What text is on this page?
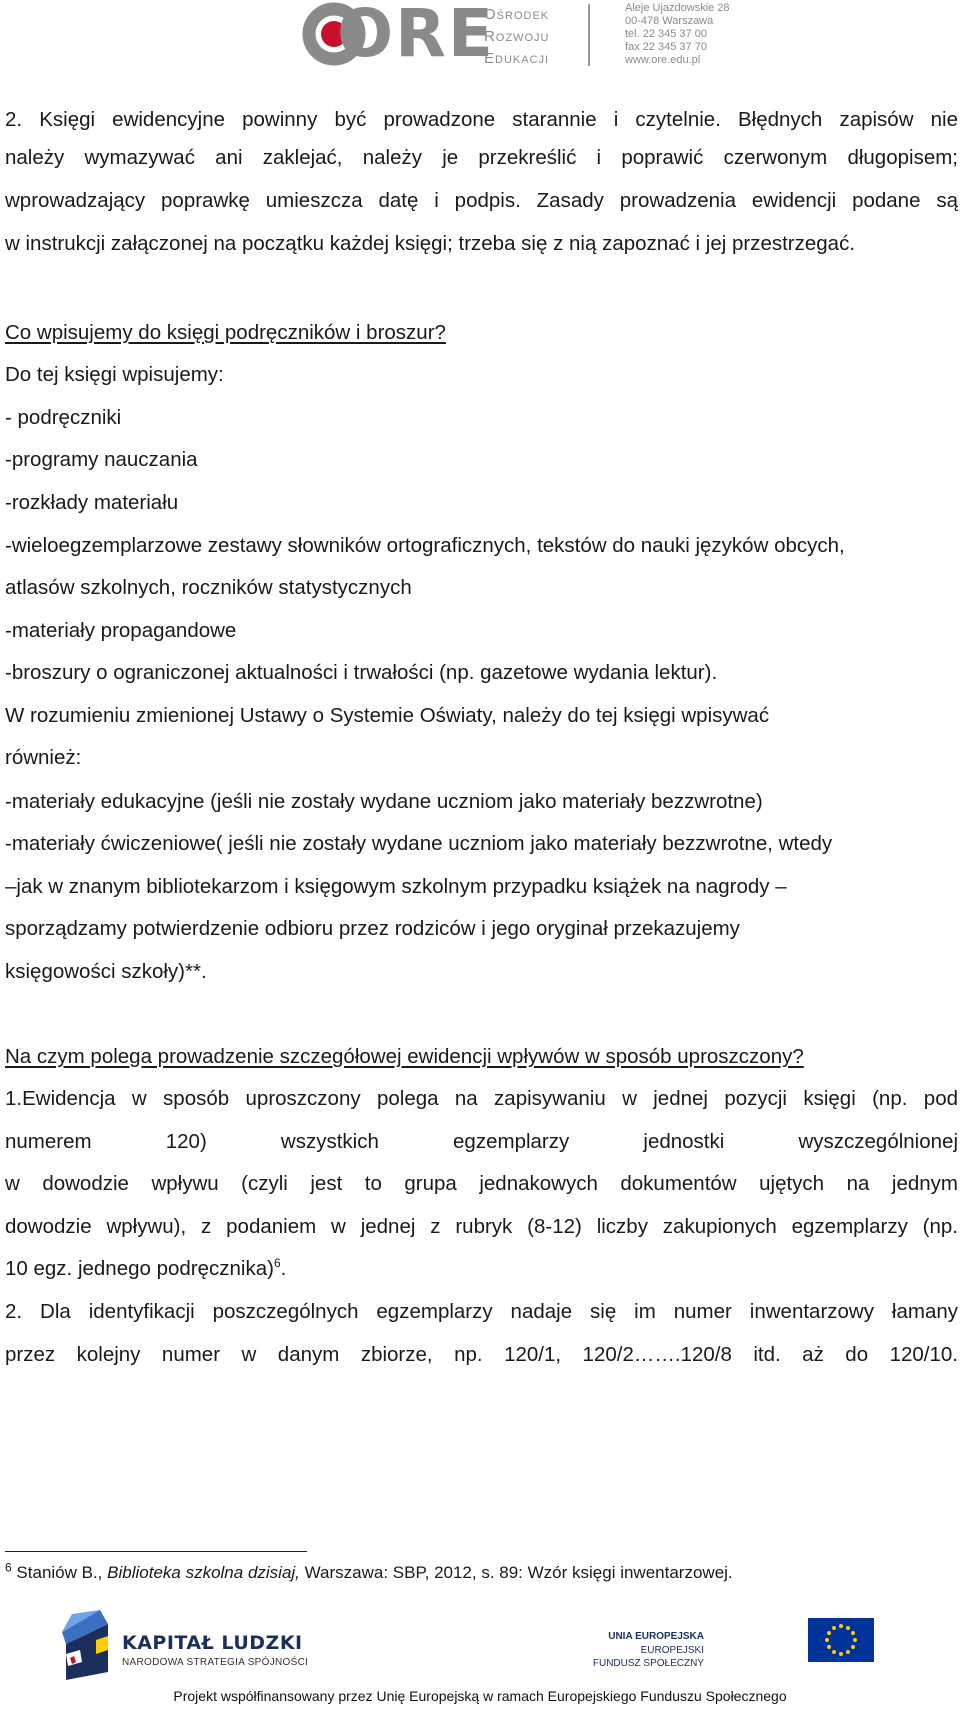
ORE
Ośrodek
Rozwoju
Edukacji
Aleje Ujazdowskie 28
00-478 Warszawa
tel. 22 345 37 00
fax 22 345 37 70
www.ore.edu.pl
2. Księgi ewidencyjne powinny być prowadzone starannie i czytelnie. Błędnych zapisów nie
należy wymazywać ani zaklejać, należy je przekreślić i poprawić czerwonym długopisem;
wprowadzający poprawkę umieszcza datę i podpis. Zasady prowadzenia ewidencji podane są
w instrukcji załączonej na początku każdej księgi; trzeba się z nią zapoznać i jej przestrzegać.
Co wpisujemy do księgi podręczników i broszur?
Do tej księgi wpisujemy:
- podręczniki
-programy nauczania
-rozkłady materiału
-wieloegzemplarzowe zestawy słowników ortograficznych, tekstów do nauki języków obcych,
atlasów szkolnych, roczników statystycznych
-materiały propagandowe
-broszury o ograniczonej aktualności i trwałości (np. gazetowe wydania lektur).
W rozumieniu zmienionej Ustawy o Systemie Oświaty, należy do tej księgi wpisywać
również:
-materiały edukacyjne (jeśli nie zostały wydane uczniom jako materiały bezzwrotne)
-materiały ćwiczeniowe( jeśli nie zostały wydane uczniom jako materiały bezzwrotne, wtedy
–jak w znanym bibliotekarzom i księgowym szkolnym przypadku książek na nagrody –
sporządzamy potwierdzenie odbioru przez rodziców i jego oryginał przekazujemy
księgowości szkoły)**.
Na czym polega prowadzenie szczegółowej ewidencji wpływów w sposób uproszczony?
1.Ewidencja w sposób uproszczony polega na zapisywaniu w jednej pozycji księgi (np. pod
numerem 120) wszystkich egzemplarzy jednostki wyszczególnionej
w dowodzie wpływu (czyli jest to grupa jednakowych dokumentów ujętych na jednym
dowodzie wpływu), z podaniem w jednej z rubryk (8-12) liczby zakupionych egzemplarzy (np.
10 egz. jednego podręcznika)$^6$.
2. Dla identyfikacji poszczególnych egzemplarzy nadaje się im numer inwentarzowy łamany
przez kolejny numer w danym zbiorze, np. 120/1, 120/2…….120/8 itd. aż do 120/10.
$^6$ Staniów B., Biblioteka szkolna dzisiaj, Warszawa: SBP, 2012, s. 89: Wzór księgi inwentarzowej.
KAPITAŁ LUDZKI
NARODOWA STRATEGIA SPÓJNOŚCI
UNIA EUROPEJSKA
EUROPEJSKI
FUNDUSZ SPOŁECZNY
Projekt współfinansowany przez Unię Europejską w ramach Europejskiego Funduszu Społecznego
